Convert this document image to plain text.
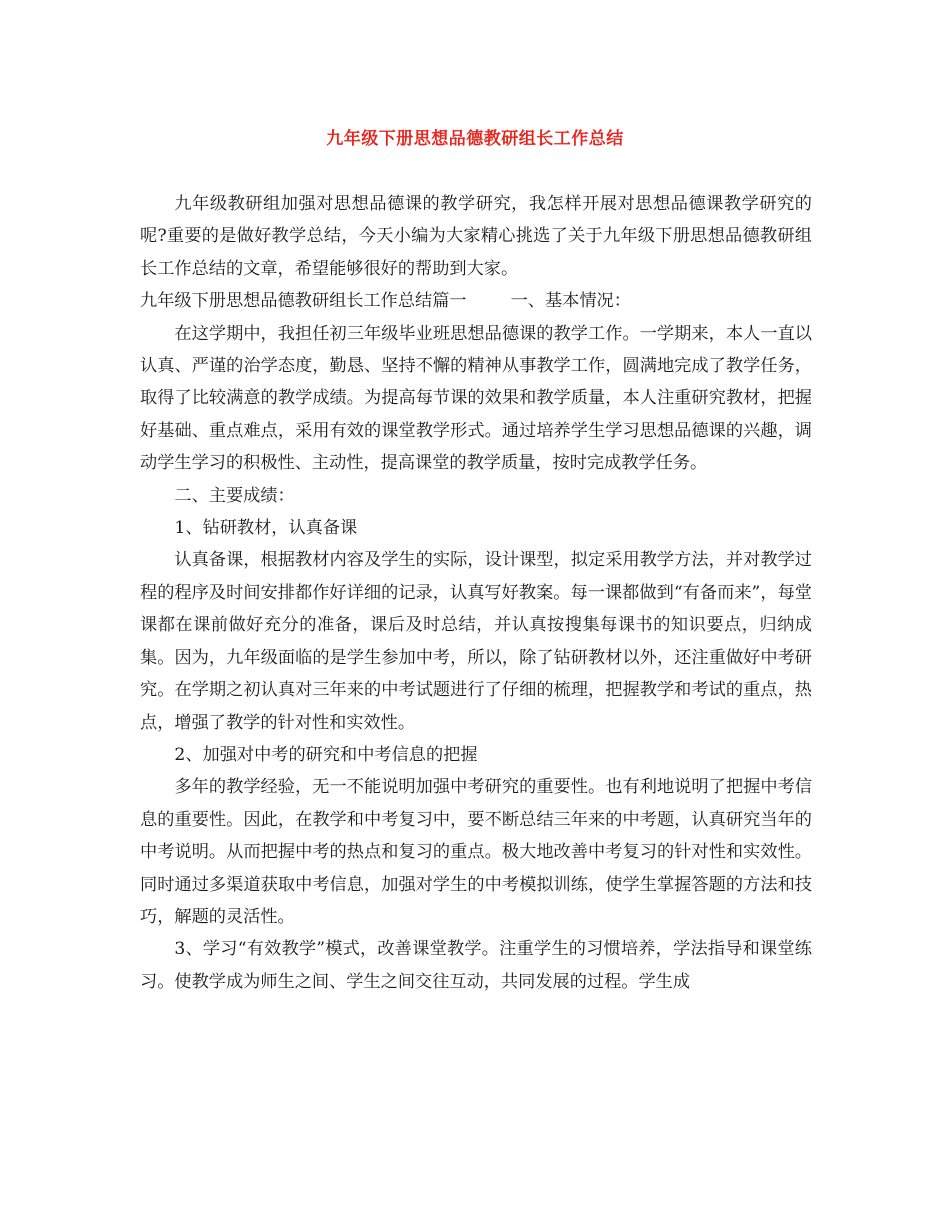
九年级下册思想品德教研组长工作总结

九年级教研组加强对思想品德课的教学研究，我怎样开展对思想品德课教学研究的呢?重要的是做好教学总结，今天小编为大家精心挑选了关于九年级下册思想品德教研组长工作总结的文章，希望能够很好的帮助到大家。

九年级下册思想品德教研组长工作总结篇一	一、基本情况：

在这学期中，我担任初三年级毕业班思想品德课的教学工作。一学期来，本人一直以认真、严谨的治学态度，勤恳、坚持不懈的精神从事教学工作，圆满地完成了教学任务，取得了比较满意的教学成绩。为提高每节课的效果和教学质量，本人注重研究教材，把握好基础、重点难点，采用有效的课堂教学形式。通过培养学生学习思想品德课的兴趣，调动学生学习的积极性、主动性，提高课堂的教学质量，按时完成教学任务。

二、主要成绩：

1、钻研教材，认真备课

认真备课，根据教材内容及学生的实际，设计课型，拟定采用教学方法，并对教学过程的程序及时间安排都作好详细的记录，认真写好教案。每一课都做到“有备而来”，每堂课都在课前做好充分的准备，课后及时总结，并认真按搜集每课书的知识要点，归纳成集。因为，九年级面临的是学生参加中考，所以，除了钻研教材以外，还注重做好中考研究。在学期之初认真对三年来的中考试题进行了仔细的梳理，把握教学和考试的重点，热点，增强了教学的针对性和实效性。

2、加强对中考的研究和中考信息的把握

多年的教学经验，无一不能说明加强中考研究的重要性。也有利地说明了把握中考信息的重要性。因此，在教学和中考复习中，要不断总结三年来的中考题，认真研究当年的中考说明。从而把握中考的热点和复习的重点。极大地改善中考复习的针对性和实效性。同时通过多渠道获取中考信息，加强对学生的中考模拟训练，使学生掌握答题的方法和技巧，解题的灵活性。

3、学习“有效教学”模式，改善课堂教学。注重学生的习惯培养，学法指导和课堂练习。使教学成为师生之间、学生之间交往互动，共同发展的过程。学生成
